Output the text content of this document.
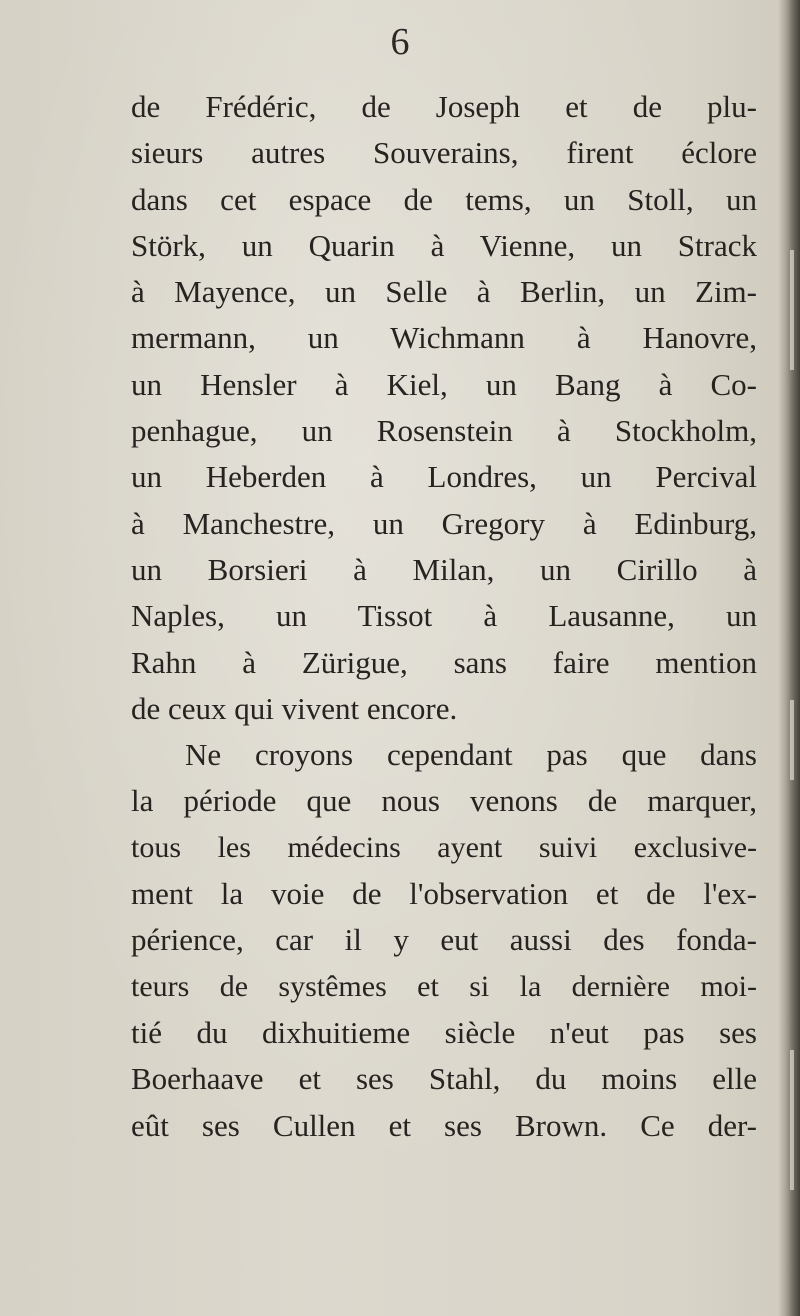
6
de Frédéric, de Joseph et de plu-
sieurs autres Souverains, firent éclore
dans cet espace de tems, un Stoll, un
Störk, un Quarin à Vienne, un Strack
à Mayence, un Selle à Berlin, un Zim-
mermann, un Wichmann à Hanovre,
un Hensler à Kiel, un Bang à Co-
penhague, un Rosenstein à Stockholm,
un Heberden à Londres, un Percival
à Manchestre, un Gregory à Edinburg,
un Borsieri à Milan, un Cirillo à
Naples, un Tissot à Lausanne, un
Rahn à Zürigue, sans faire mention
de ceux qui vivent encore.
Ne croyons cependant pas que dans
la période que nous venons de marquer,
tous les médecins ayent suivi exclusive-
ment la voie de l'observation et de l'ex-
périence, car il y eut aussi des fonda-
teurs de systêmes et si la dernière moi-
tié du dixhuitieme siècle n'eut pas ses
Boerhaave et ses Stahl, du moins elle
eût ses Cullen et ses Brown. Ce der-
